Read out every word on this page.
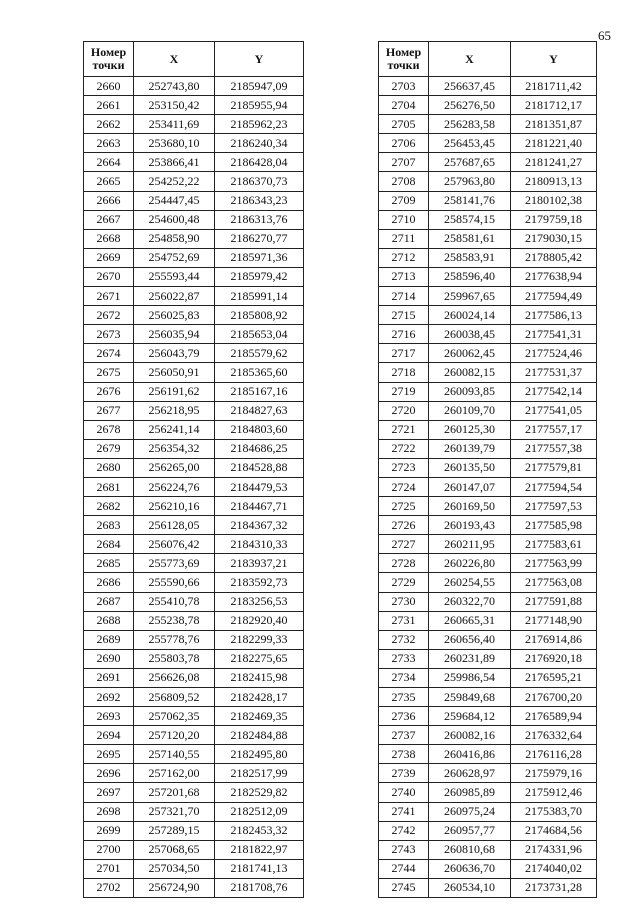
65
Номер точки	X	Y
2660	252743,80	2185947,09
2661	253150,42	2185955,94
2662	253411,69	2185962,23
2663	253680,10	2186240,34
2664	253866,41	2186428,04
2665	254252,22	2186370,73
2666	254447,45	2186343,23
2667	254600,48	2186313,76
2668	254858,90	2186270,77
2669	254752,69	2185971,36
2670	255593,44	2185979,42
2671	256022,87	2185991,14
2672	256025,83	2185808,92
2673	256035,94	2185653,04
2674	256043,79	2185579,62
2675	256050,91	2185365,60
2676	256191,62	2185167,16
2677	256218,95	2184827,63
2678	256241,14	2184803,60
2679	256354,32	2184686,25
2680	256265,00	2184528,88
2681	256224,76	2184479,53
2682	256210,16	2184467,71
2683	256128,05	2184367,32
2684	256076,42	2184310,33
2685	255773,69	2183937,21
2686	255590,66	2183592,73
2687	255410,78	2183256,53
2688	255238,78	2182920,40
2689	255778,76	2182299,33
2690	255803,78	2182275,65
2691	256626,08	2182415,98
2692	256809,52	2182428,17
2693	257062,35	2182469,35
2694	257120,20	2182484,88
2695	257140,55	2182495,80
2696	257162,00	2182517,99
2697	257201,68	2182529,82
2698	257321,70	2182512,09
2699	257289,15	2182453,32
2700	257068,65	2181822,97
2701	257034,50	2181741,13
2702	256724,90	2181708,76
Номер точки	X	Y
2703	256637,45	2181711,42
2704	256276,50	2181712,17
2705	256283,58	2181351,87
2706	256453,45	2181221,40
2707	257687,65	2181241,27
2708	257963,80	2180913,13
2709	258141,76	2180102,38
2710	258574,15	2179759,18
2711	258581,61	2179030,15
2712	258583,91	2178805,42
2713	258596,40	2177638,94
2714	259967,65	2177594,49
2715	260024,14	2177586,13
2716	260038,45	2177541,31
2717	260062,45	2177524,46
2718	260082,15	2177531,37
2719	260093,85	2177542,14
2720	260109,70	2177541,05
2721	260125,30	2177557,17
2722	260139,79	2177557,38
2723	260135,50	2177579,81
2724	260147,07	2177594,54
2725	260169,50	2177597,53
2726	260193,43	2177585,98
2727	260211,95	2177583,61
2728	260226,80	2177563,99
2729	260254,55	2177563,08
2730	260322,70	2177591,88
2731	260665,31	2177148,90
2732	260656,40	2176914,86
2733	260231,89	2176920,18
2734	259986,54	2176595,21
2735	259849,68	2176700,20
2736	259684,12	2176589,94
2737	260082,16	2176332,64
2738	260416,86	2176116,28
2739	260628,97	2175979,16
2740	260985,89	2175912,46
2741	260975,24	2175383,70
2742	260957,77	2174684,56
2743	260810,68	2174331,96
2744	260636,70	2174040,02
2745	260534,10	2173731,28
